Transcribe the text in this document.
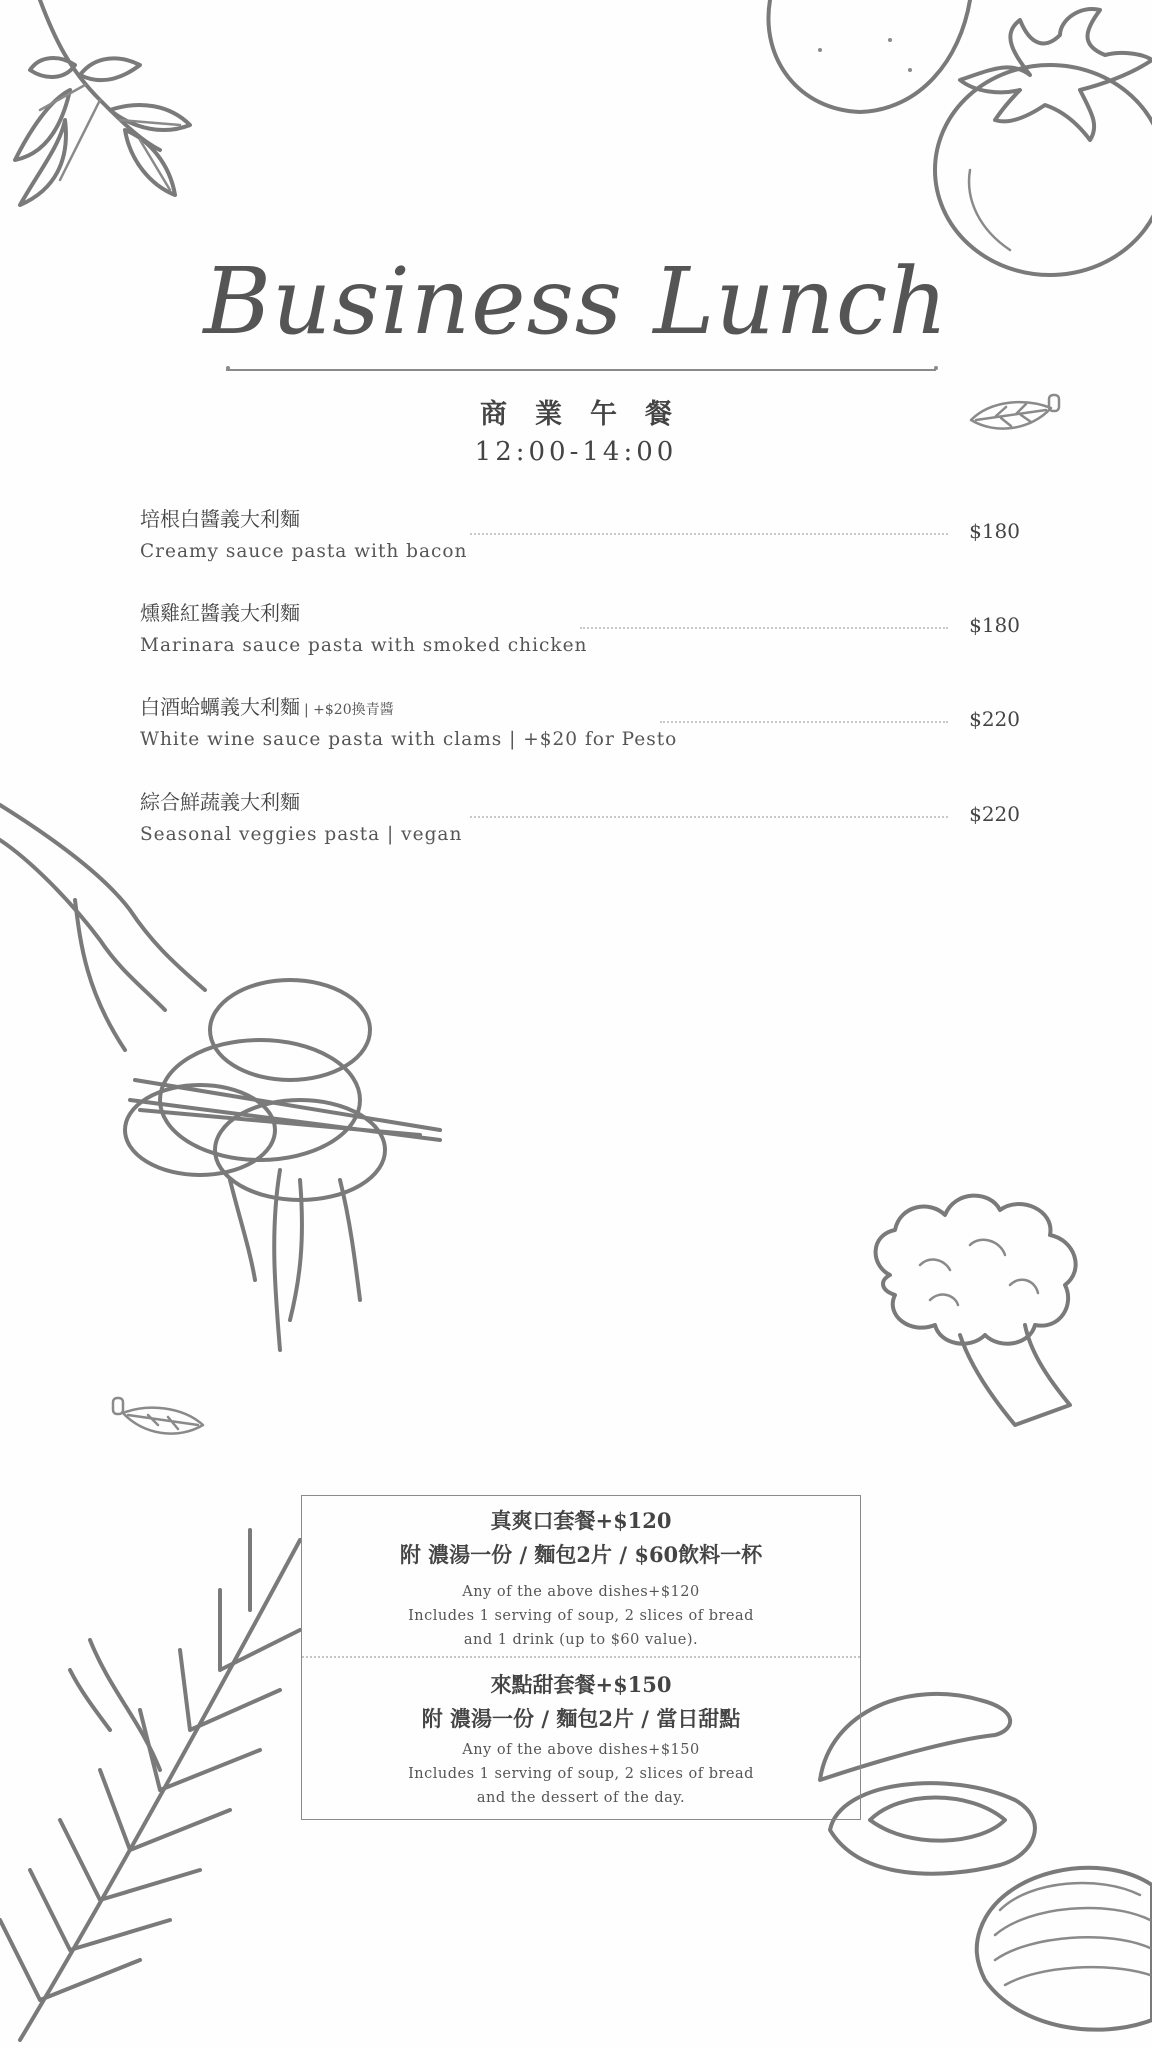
Business Lunch
商業午餐
12:00-14:00
培根白醬義大利麵
Creamy sauce pasta with bacon
$180
燻雞紅醬義大利麵
Marinara sauce pasta with smoked chicken
$180
白酒蛤蠣義大利麵 | +$20換青醬
White wine sauce pasta with clams | +$20 for Pesto
$220
綜合鮮蔬義大利麵
Seasonal veggies pasta | vegan
$220
真爽口套餐+$120
附 濃湯一份 / 麵包2片 / $60飲料一杯
Any of the above dishes+$120
Includes 1 serving of soup, 2 slices of bread
and 1 drink (up to $60 value).
來點甜套餐+$150
附 濃湯一份 / 麵包2片 / 當日甜點
Any of the above dishes+$150
Includes 1 serving of soup, 2 slices of bread
and the dessert of the day.
